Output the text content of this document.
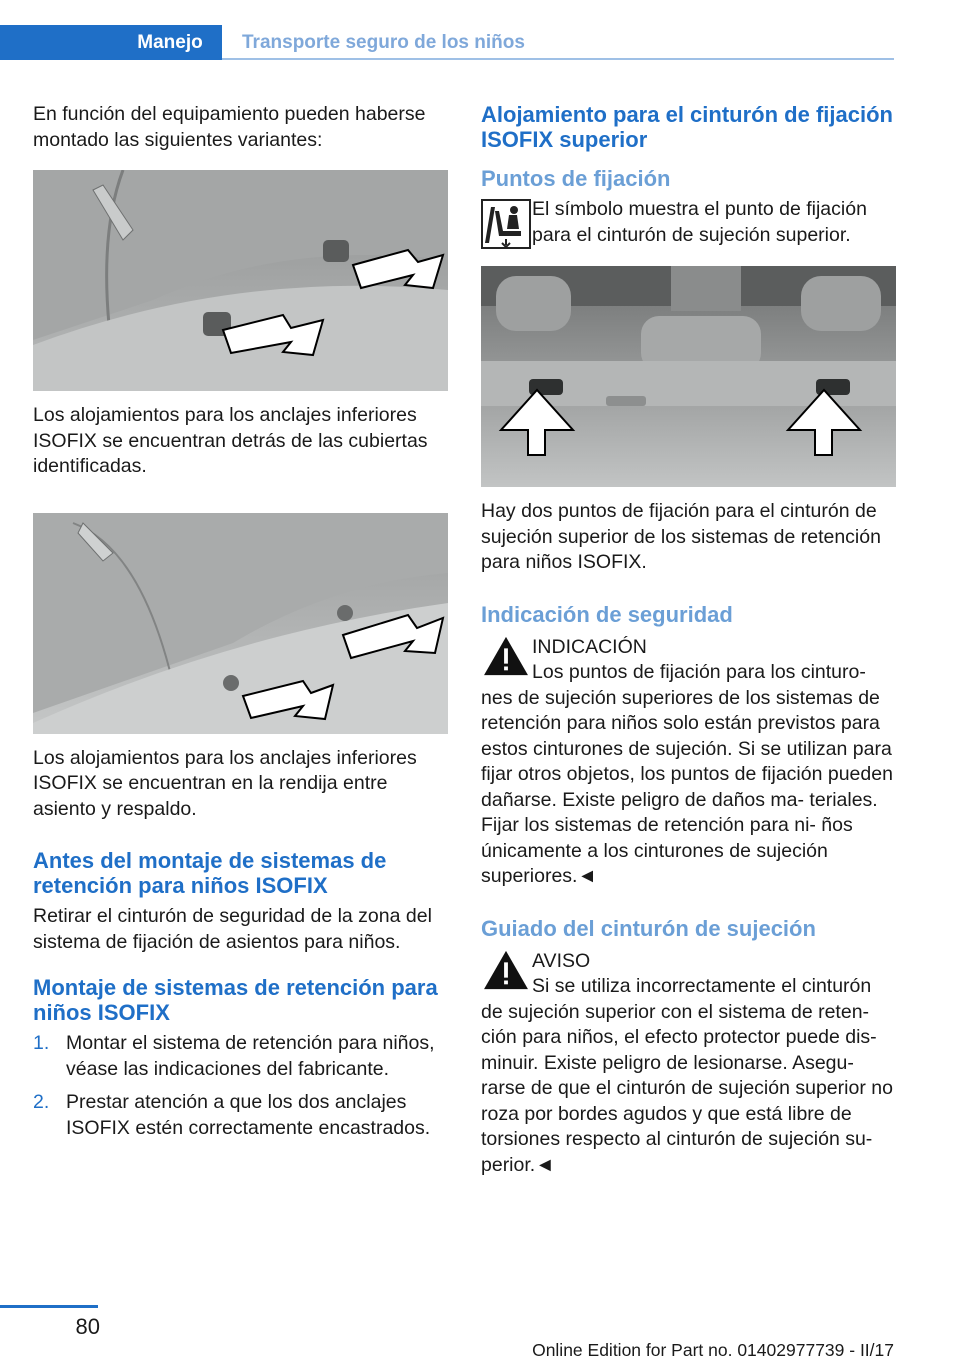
Manejo	Transporte seguro de los niños

En función del equipamiento pueden haberse montado las siguientes variantes:

Los alojamientos para los anclajes inferiores ISOFIX se encuentran detrás de las cubiertas identificadas.

Los alojamientos para los anclajes inferiores ISOFIX se encuentran en la rendija entre asiento y respaldo.

Antes del montaje de sistemas de retención para niños ISOFIX

Retirar el cinturón de seguridad de la zona del sistema de fijación de asientos para niños.

Montaje de sistemas de retención para niños ISOFIX
1. Montar el sistema de retención para niños, véase las indicaciones del fabricante.
2. Prestar atención a que los dos anclajes ISOFIX estén correctamente encastrados.
Alojamiento para el cinturón de fijación ISOFIX superior
Puntos de fijación

El símbolo muestra el punto de fijación para el cinturón de sujeción superior.

Hay dos puntos de fijación para el cinturón de sujeción superior de los sistemas de retención para niños ISOFIX.

Indicación de seguridad

INDICACIÓN

Los puntos de fijación para los cinturo- nes de sujeción superiores de los sistemas de retención para niños solo están previstos para estos cinturones de sujeción. Si se utilizan para fijar otros objetos, los puntos de fijación pueden dañarse. Existe peligro de daños ma- teriales. Fijar los sistemas de retención para ni- ños únicamente a los cinturones de sujeción superiores.◄

Guiado del cinturón de sujeción

AVISO

Si se utiliza incorrectamente el cinturón de sujeción superior con el sistema de reten- ción para niños, el efecto protector puede dis- minuir. Existe peligro de lesionarse. Asegu- rarse de que el cinturón de sujeción superior no roza por bordes agudos y que está libre de torsiones respecto al cinturón de sujeción su- perior.◄

80
Online Edition for Part no. 01402977739 - II/17
